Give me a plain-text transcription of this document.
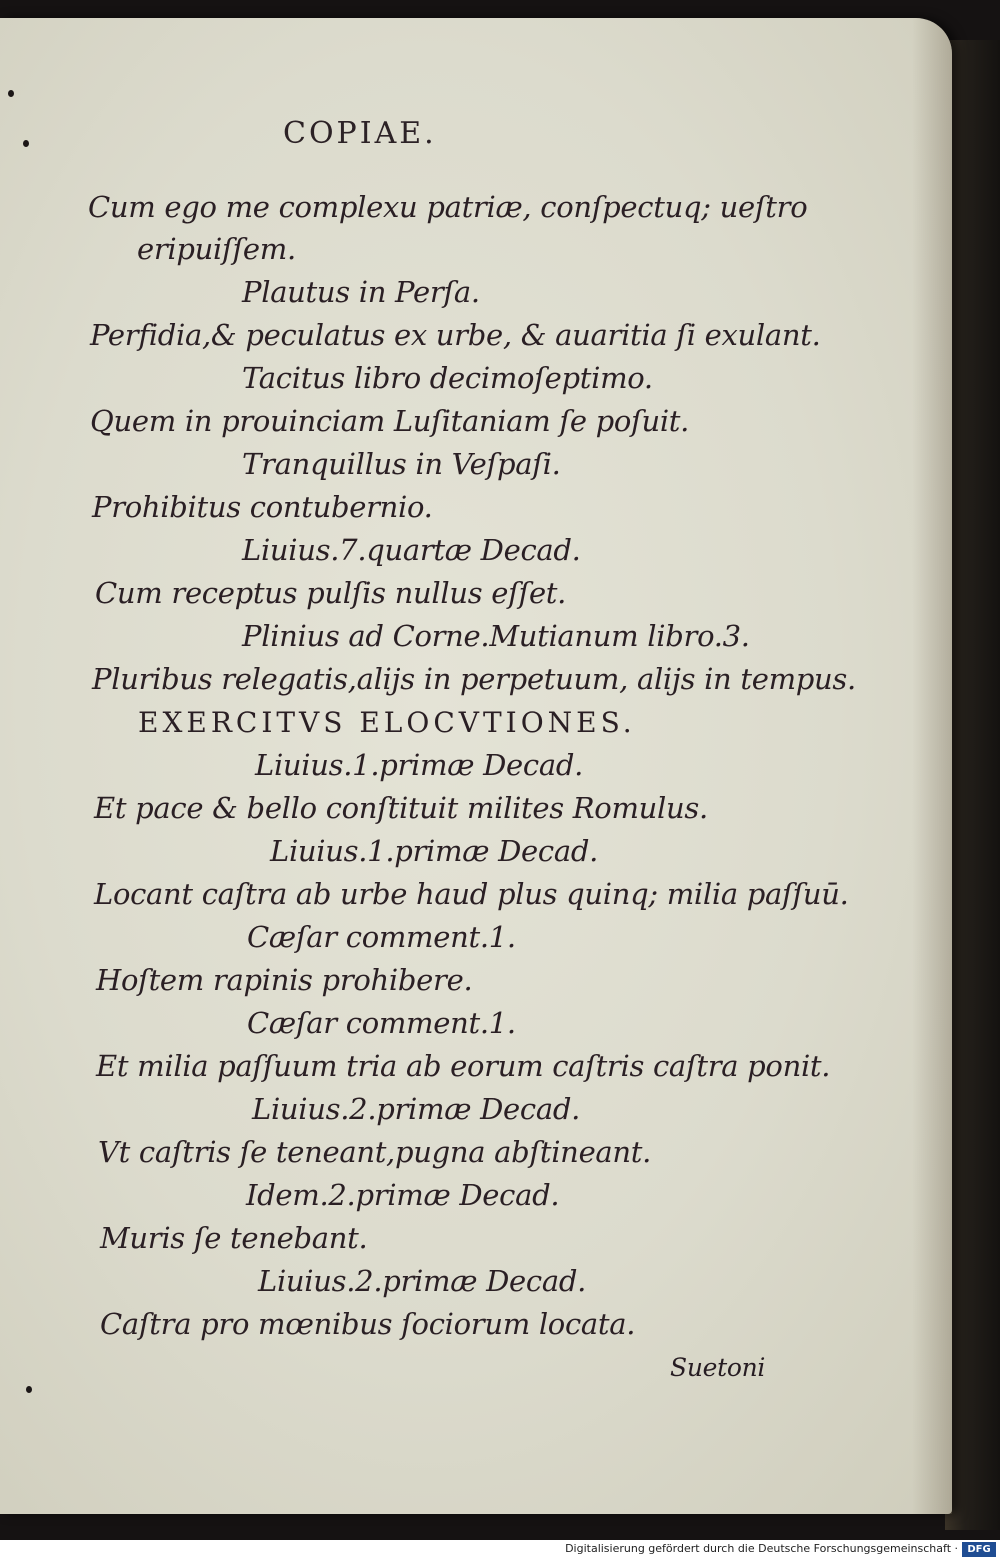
COPIAE.
Cum ego me complexu patriæ, conſpectuq; ueſtro
eripuiſſem.
Plautus in Perſa.
Perfidia,& peculatus ex urbe, & auaritia ſi exulant.
Tacitus libro decimoſeptimo.
Quem in prouinciam Luſitaniam ſe poſuit.
Tranquillus in Veſpaſi.
Prohibitus contubernio.
Liuius.7.quartæ Decad.
Cum receptus pulſis nullus eſſet.
Plinius ad Corne.Mutianum libro.3.
Pluribus relegatis,alijs in perpetuum, alijs in tempus.
EXERCITVS ELOCVTIONES.
Liuius.1.primæ Decad.
Et pace & bello conſtituit milites Romulus.
Liuius.1.primæ Decad.
Locant caſtra ab urbe haud plus quinq; milia paſſuū.
Cæſar comment.1.
Hoſtem rapinis prohibere.
Cæſar comment.1.
Et milia paſſuum tria ab eorum caſtris caſtra ponit.
Liuius.2.primæ Decad.
Vt caſtris ſe teneant,pugna abſtineant.
Idem.2.primæ Decad.
Muris ſe tenebant.
Liuius.2.primæ Decad.
Caſtra pro mœnibus ſociorum locata.
Suetoni
Digitalisierung gefördert durch die Deutsche Forschungsgemeinschaft · DFG
